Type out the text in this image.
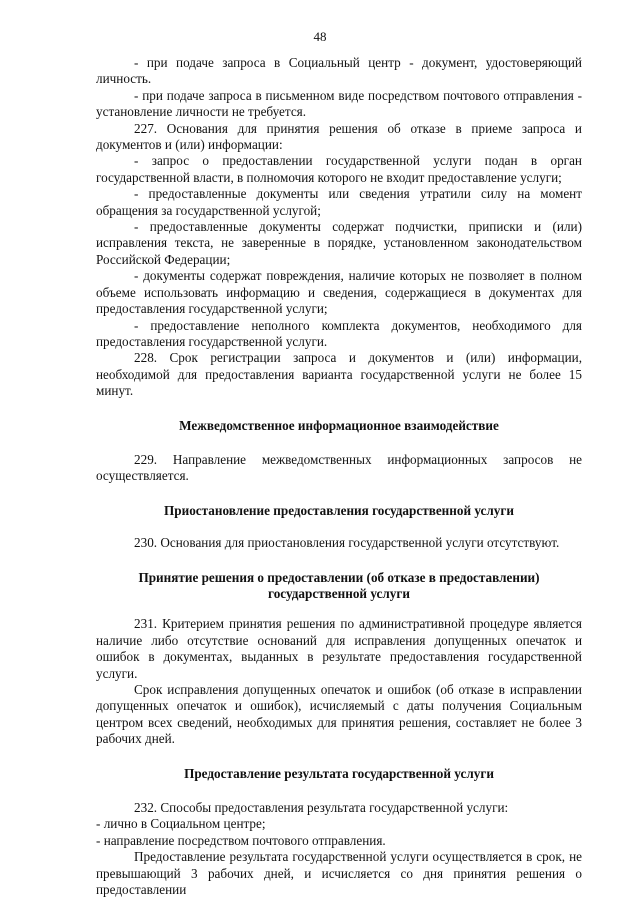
48

- при подаче запроса в Социальный центр - документ, удостоверяющий личность.

- при подаче запроса в письменном виде посредством почтового отправления - установление личности не требуется.

227. Основания для принятия решения об отказе в приеме запроса и документов и (или) информации:

- запрос о предоставлении государственной услуги подан в орган государственной власти, в полномочия которого не входит предоставление услуги;

- предоставленные документы или сведения утратили силу на момент обращения за государственной услугой;

- предоставленные документы содержат подчистки, приписки и (или) исправления текста, не заверенные в порядке, установленном законодательством Российской Федерации;

- документы содержат повреждения, наличие которых не позволяет в полном объеме использовать информацию и сведения, содержащиеся в документах для предоставления государственной услуги;

- предоставление неполного комплекта документов, необходимого для предоставления государственной услуги.

228. Срок регистрации запроса и документов и (или) информации, необходимой для предоставления варианта государственной услуги не более 15 минут.

Межведомственное информационное взаимодействие

229. Направление межведомственных информационных запросов не осуществляется.

Приостановление предоставления государственной услуги

230. Основания для приостановления государственной услуги отсутствуют.

Принятие решения о предоставлении (об отказе в предоставлении)

государственной услуги

231. Критерием принятия решения по административной процедуре является наличие либо отсутствие оснований для исправления допущенных опечаток и ошибок в документах, выданных в результате предоставления государственной услуги.

Срок исправления допущенных опечаток и ошибок (об отказе в исправлении допущенных опечаток и ошибок), исчисляемый с даты получения Социальным центром всех сведений, необходимых для принятия решения, составляет не более 3 рабочих дней.

Предоставление результата государственной услуги

232. Способы предоставления результата государственной услуги:

- лично в Социальном центре;

- направление посредством почтового отправления.

Предоставление результата государственной услуги осуществляется в срок, не превышающий 3 рабочих дней, и исчисляется со дня принятия решения о предоставлении
